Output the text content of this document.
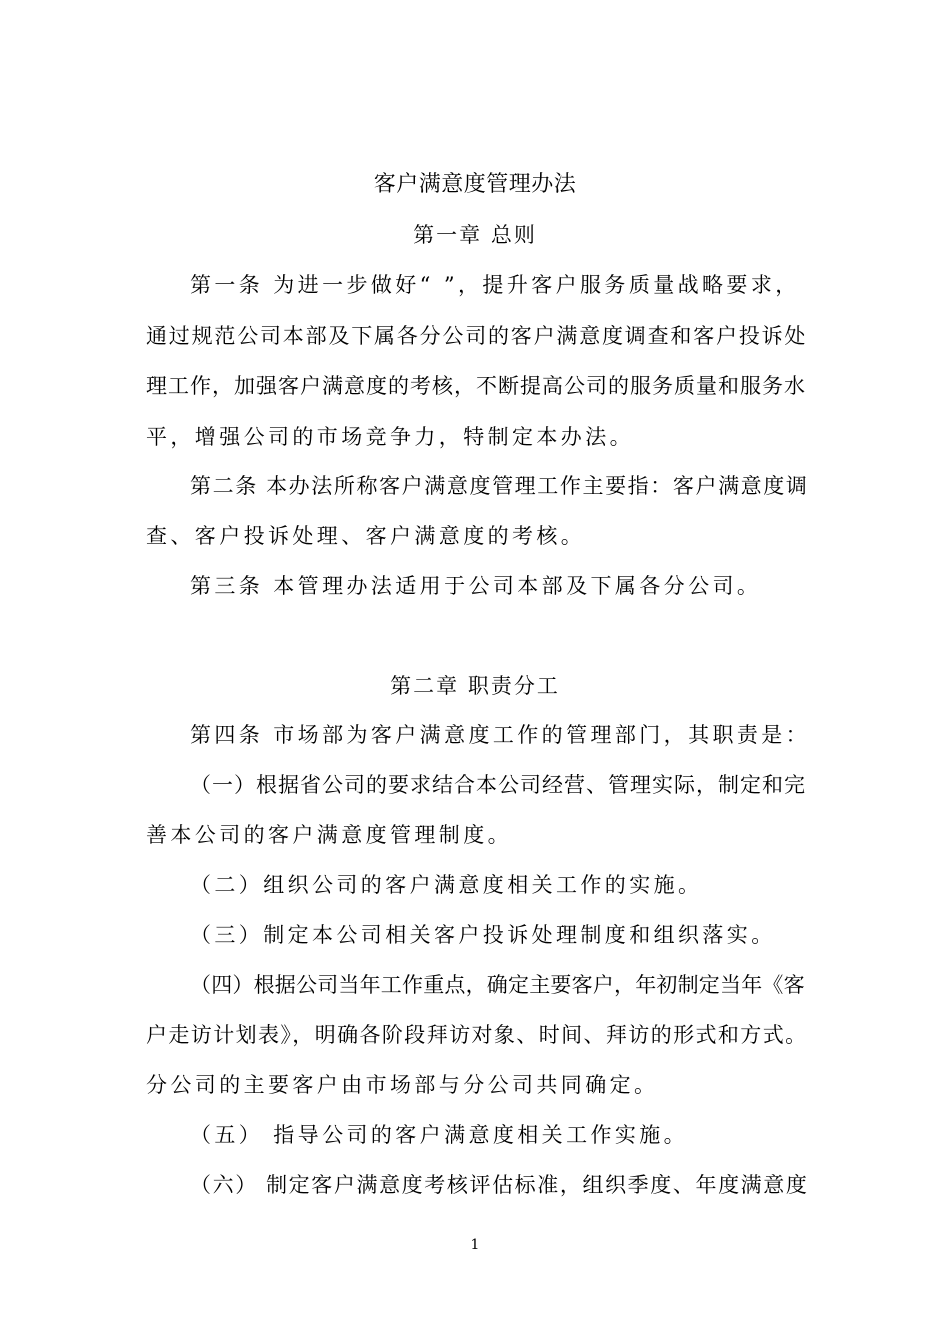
客户满意度管理办法
第一章 总则
第一条 为进一步做好“ ”，提升客户服务质量战略要求，
通过规范公司本部及下属各分公司的客户满意度调查和客户投诉处
理工作，加强客户满意度的考核，不断提高公司的服务质量和服务水
平，增强公司的市场竞争力，特制定本办法。
第二条 本办法所称客户满意度管理工作主要指：客户满意度调
查、客户投诉处理、客户满意度的考核。
第三条 本管理办法适用于公司本部及下属各分公司。
第二章 职责分工
第四条 市场部为客户满意度工作的管理部门，其职责是：
（一）根据省公司的要求结合本公司经营、管理实际，制定和完
善本公司的客户满意度管理制度。
（二）组织公司的客户满意度相关工作的实施。
（三）制定本公司相关客户投诉处理制度和组织落实。
（四）根据公司当年工作重点，确定主要客户，年初制定当年《客
户走访计划表》，明确各阶段拜访对象、时间、拜访的形式和方式。
分公司的主要客户由市场部与分公司共同确定。
（五） 指导公司的客户满意度相关工作实施。
（六） 制定客户满意度考核评估标准，组织季度、年度满意度
1
